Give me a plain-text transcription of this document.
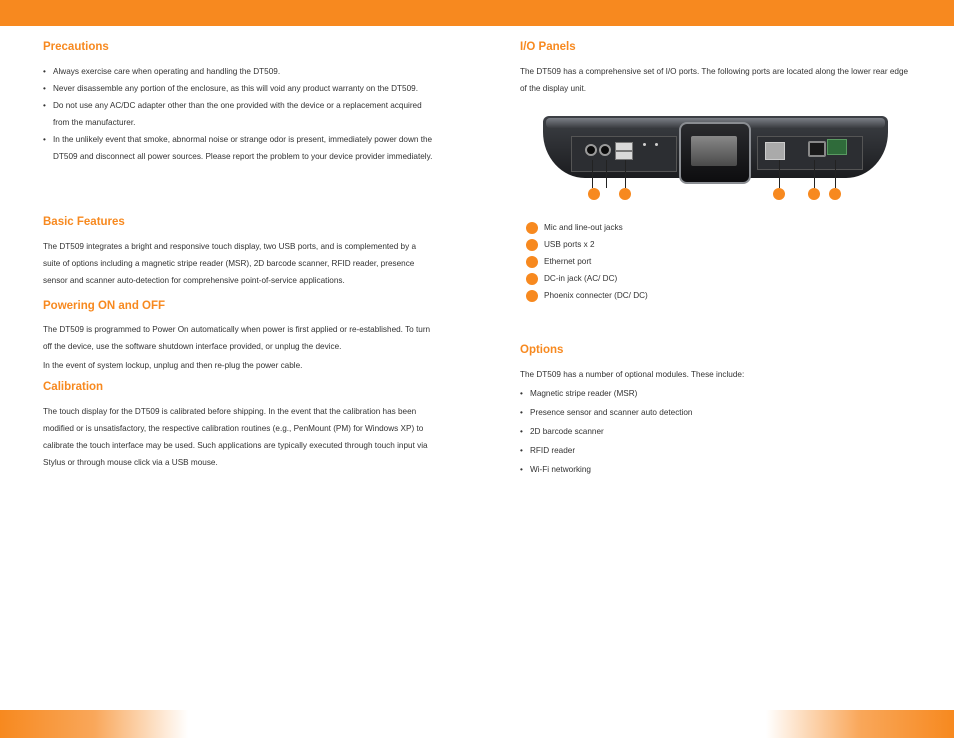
Precautions
• Always exercise care when operating and handling the DT509.
• Never disassemble any portion of the enclosure, as this will void any product warranty on the DT509.
• Do not use any AC/DC adapter other than the one provided with the device or a replacement acquired from the manufacturer.
• In the unlikely event that smoke, abnormal noise or strange odor is present, immediately power down the DT509 and disconnect all power sources. Please report the problem to your device provider immediately.
Basic Features

The DT509 integrates a bright and responsive touch display, two USB ports, and is complemented by a suite of options including a magnetic stripe reader (MSR), 2D barcode scanner, RFID reader, presence sensor and scanner auto-detection for comprehensive point-of-service applications.

Powering ON and OFF

The DT509 is programmed to Power On automatically when power is first applied or re-established. To turn off the device, use the software shutdown interface provided, or unplug the device.

In the event of system lockup, unplug and then re-plug the power cable.

Calibration

The touch display for the DT509 is calibrated before shipping. In the event that the calibration has been modified or is unsatisfactory, the respective calibration routines (e.g., PenMount (PM) for Windows XP) to calibrate the touch interface may be used. Such applications are typically executed through touch input via Stylus or through mouse click via a USB mouse.

I/O Panels

The DT509 has a comprehensive set of I/O ports. The following ports are located along the lower rear edge of the display unit.

Options

The DT509 has a number of optional modules. These include:

• Magnetic stripe reader (MSR)
• Presence sensor and scanner auto detection
• 2D barcode scanner
• RFID reader
• Wi-Fi networking
Mic and line-out jacks
USB ports x 2
Ethernet port
DC-in jack (AC/ DC)
Phoenix connecter (DC/ DC)
